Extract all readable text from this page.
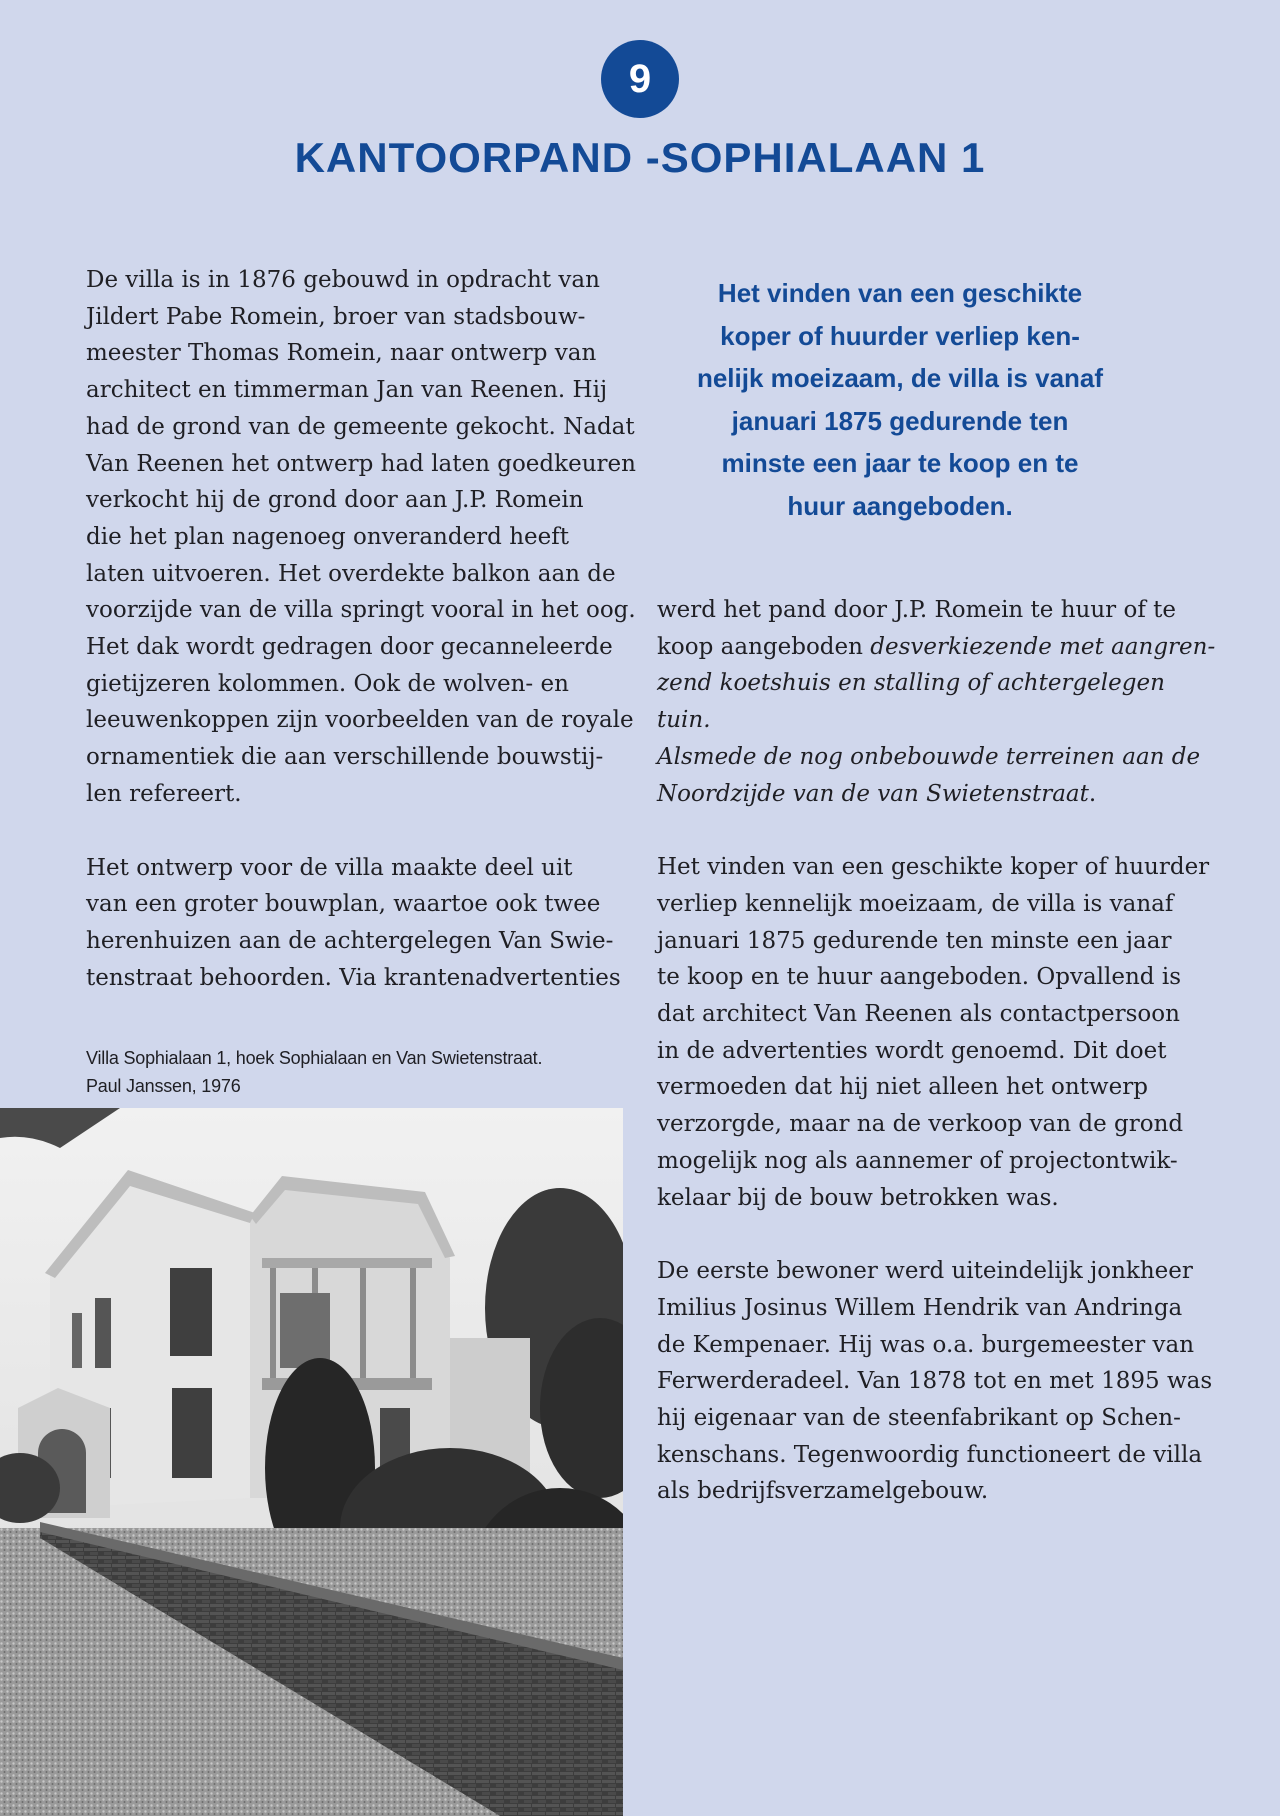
9
KANTOORPAND -SOPHIALAAN 1

De villa is in 1876 gebouwd in opdracht van
Jildert Pabe Romein, broer van stadsbouw-
meester Thomas Romein, naar ontwerp van
architect en timmerman Jan van Reenen. Hij
had de grond van de gemeente gekocht. Nadat
Van Reenen het ontwerp had laten goedkeuren
verkocht hij de grond door aan J.P. Romein
die het plan nagenoeg onveranderd heeft
laten uitvoeren. Het overdekte balkon aan de
voorzijde van de villa springt vooral in het oog.
Het dak wordt gedragen door gecanneleerde
gietijzeren kolommen. Ook de wolven- en
leeuwenkoppen zijn voorbeelden van de royale
ornamentiek die aan verschillende bouwstij-
len refereert.

Het ontwerp voor de villa maakte deel uit
van een groter bouwplan, waartoe ook twee
herenhuizen aan de achtergelegen Van Swie-
tenstraat behoorden. Via krantenadvertenties

Het vinden van een geschikte
koper of huurder verliep ken-
nelijk moeizaam, de villa is vanaf
januari 1875 gedurende ten
minste een jaar te koop en te
huur aangeboden.

Villa Sophialaan 1, hoek Sophialaan en Van Swietenstraat.
Paul Janssen, 1976

werd het pand door J.P. Romein te huur of te
koop aangeboden desverkiezende met aangren-
zend koetshuis en stalling of achtergelegen tuin.
Alsmede de nog onbebouwde terreinen aan de
Noordzijde van de van Swietenstraat.

Het vinden van een geschikte koper of huurder
verliep kennelijk moeizaam, de villa is vanaf
januari 1875 gedurende ten minste een jaar
te koop en te huur aangeboden. Opvallend is
dat architect Van Reenen als contactpersoon
in de advertenties wordt genoemd. Dit doet
vermoeden dat hij niet alleen het ontwerp
verzorgde, maar na de verkoop van de grond
mogelijk nog als aannemer of projectontwik-
kelaar bij de bouw betrokken was.

De eerste bewoner werd uiteindelijk jonkheer
Imilius Josinus Willem Hendrik van Andringa
de Kempenaer. Hij was o.a. burgemeester van
Ferwerderadeel. Van 1878 tot en met 1895 was
hij eigenaar van de steenfabrikant op Schen-
kenschans. Tegenwoordig functioneert de villa
als bedrijfsverzamelgebouw.
